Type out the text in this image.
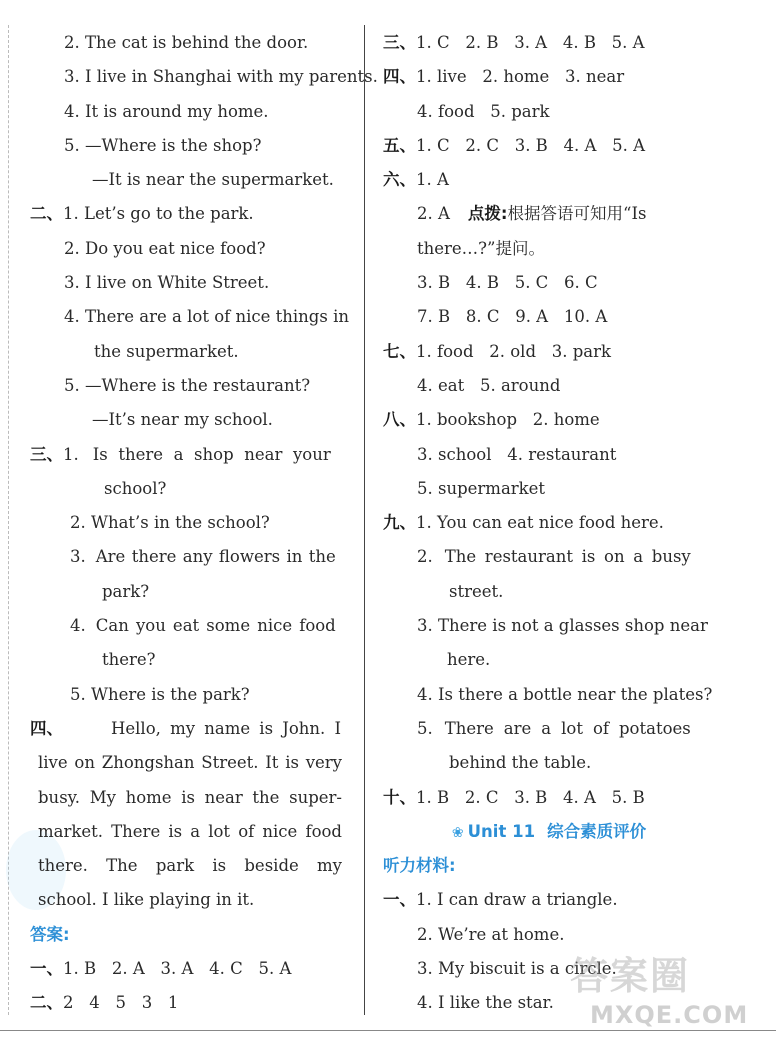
2. The cat is behind the door.
3. I live in Shanghai with my parents.
4. It is around my home.
5. —Where is the shop?
—It is near the supermarket.
二、1. Let’s go to the park.
2. Do you eat nice food?
3. I live on White Street.
4. There are a lot of nice things in
the supermarket.
5. —Where is the restaurant?
—It’s near my school.
三、1. Is there a shop near your
school?
2. What’s in the school?
3. Are there any flowers in the
park?
4. Can you eat some nice food
there?
5. Where is the park?
四、	Hello, my name is John. I
live on Zhongshan Street. It is very
busy. My home is near the super-
market. There is a lot of nice food
there. The park is beside my
school. I like playing in it.
答案:
一、1. B   2. A   3. A   4. C   5. A
二、2   4   5   3   1
三、1. C   2. B   3. A   4. B   5. A
四、1. live   2. home   3. near
4. food   5. park
五、1. C   2. C   3. B   4. A   5. A
六、1. A
2. A 点拨:根据答语可知用“Is
there…?”提问。
3. B   4. B   5. C   6. C
7. B   8. C   9. A   10. A
七、1. food   2. old   3. park
4. eat   5. around
八、1. bookshop   2. home
3. school   4. restaurant
5. supermarket
九、1. You can eat nice food here.
2. The restaurant is on a busy
street.
3. There is not a glasses shop near
here.
4. Is there a bottle near the plates?
5. There are a lot of potatoes
behind the table.
十、1. B   2. C   3. B   4. A   5. B
❀ Unit 11 综合素质评价
听力材料:
一、1. I can draw a triangle.
2. We’re at home.
3. My biscuit is a circle.
4. I like the star.
答案圈
MXQE.COM
